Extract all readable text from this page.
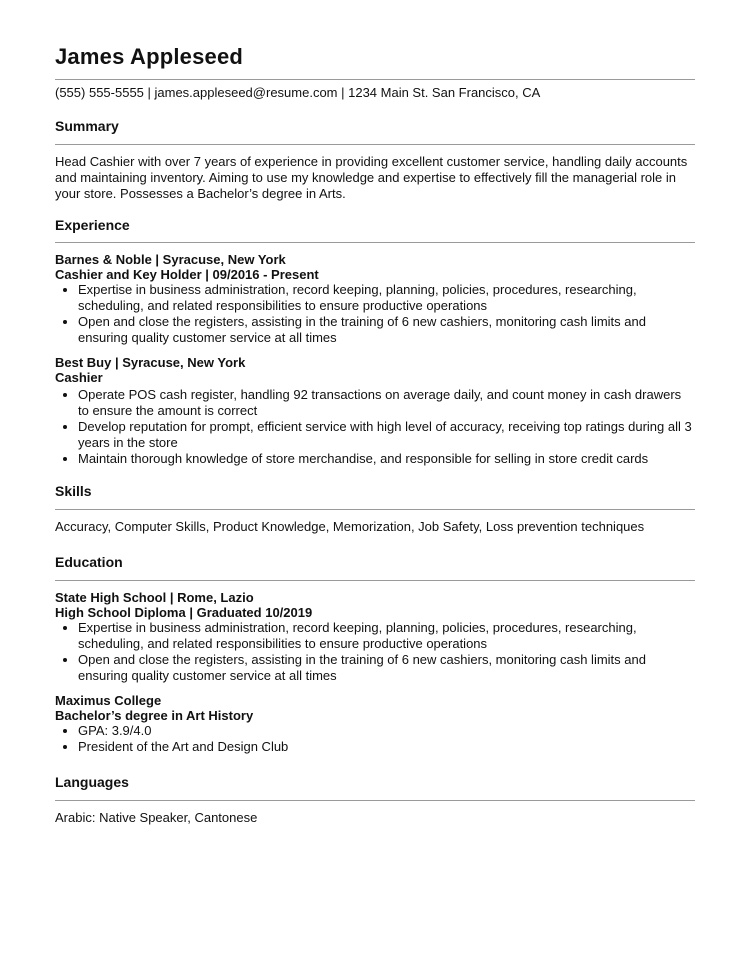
James Appleseed

(555) 555-5555 | james.appleseed@resume.com | 1234 Main St. San Francisco, CA

Summary

Head Cashier with over 7 years of experience in providing excellent customer service, handling daily accounts and maintaining inventory. Aiming to use my knowledge and expertise to effectively fill the managerial role in your store. Possesses a Bachelor’s degree in Arts.

Experience

Barnes & Noble | Syracuse, New York

Cashier and Key Holder | 09/2016 - Present

• Expertise in business administration, record keeping, planning, policies, procedures, researching, scheduling, and related responsibilities to ensure productive operations
• Open and close the registers, assisting in the training of 6 new cashiers, monitoring cash limits and ensuring quality customer service at all times

Best Buy | Syracuse, New York

Cashier

• Operate POS cash register, handling 92 transactions on average daily, and count money in cash drawers to ensure the amount is correct
• Develop reputation for prompt, efficient service with high level of accuracy, receiving top ratings during all 3 years in the store
• Maintain thorough knowledge of store merchandise, and responsible for selling in store credit cards
Skills

Accuracy, Computer Skills, Product Knowledge, Memorization, Job Safety, Loss prevention techniques

Education

State High School | Rome, Lazio

High School Diploma | Graduated 10/2019

• Expertise in business administration, record keeping, planning, policies, procedures, researching, scheduling, and related responsibilities to ensure productive operations
• Open and close the registers, assisting in the training of 6 new cashiers, monitoring cash limits and ensuring quality customer service at all times

Maximus College

Bachelor’s degree in Art History

• GPA: 3.9/4.0
• President of the Art and Design Club
Languages

Arabic: Native Speaker, Cantonese
